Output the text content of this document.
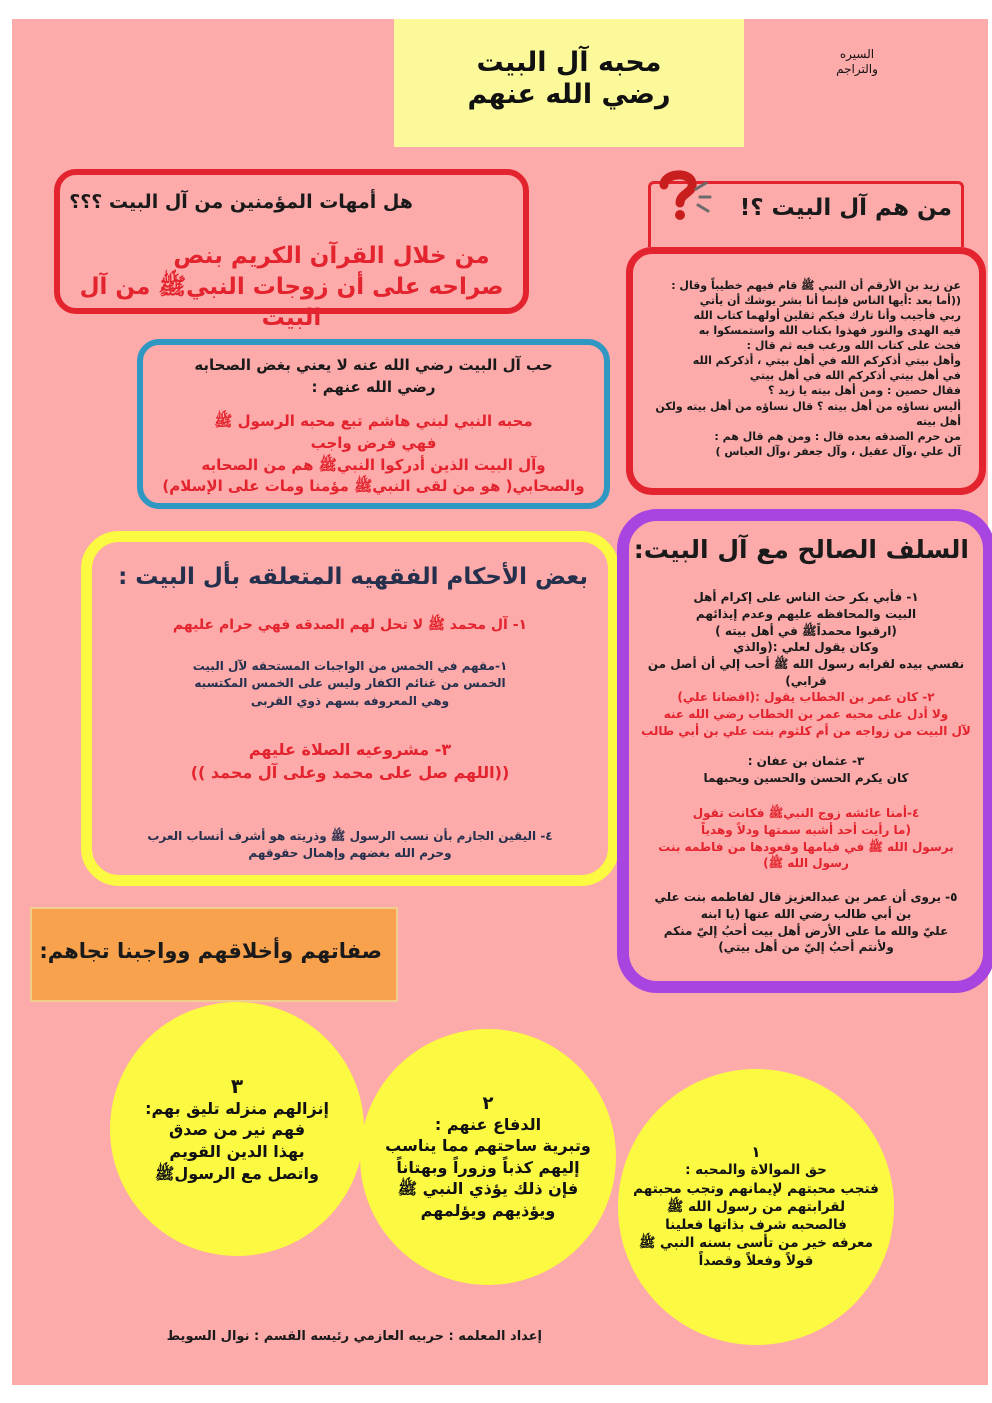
محبه آل البيت
رضي الله عنهم
السيره
والتراجم
هل أمهات المؤمنين من آل البيت ؟؟؟
من خلال القرآن الكريم بنص
صراحه على أن زوجات النبيﷺ من آل البيت
من هم آل البيت ؟!
عن زيد بن الأرقم أن النبي ﷺ قام فيهم خطيباً وقال :
((أما بعد :أيها الناس فإنما أنا بشر يوشك أن يأتي
ربي فأجيب وأنا تارك فيكم ثقلين أولهما كتاب الله
فيه الهدى والنور فهذوا بكتاب الله واستمسكوا به
فحث على كتاب الله ورغب فيه ثم قال :
وأهل بيتي أذكركم الله في أهل بيتي ، أذكركم الله
في أهل بيتي أذكركم الله في أهل بيتي
فقال حصين : ومن أهل بيته يا زيد ؟
أليس نساؤه من أهل بيته ؟ قال نساؤه من أهل بيته ولكن أهل بيته
من حرم الصدقه بعده قال : ومن هم قال هم :
آل علي ،وآل عقيل ، وآل جعفر ،وآل العباس )
حب آل البيت رضي الله عنه لا يعني بغض الصحابه
رضي الله عنهم :
محبه النبي لبني هاشم تبع محبه الرسول ﷺ
فهي فرض واجب
وآل البيت الذين أدركوا النبيﷺ هم من الصحابه
والصحابي( هو من لقى النبيﷺ مؤمنا ومات على الإسلام)
بعض الأحكام الفقهيه المتعلقه بأل البيت :
١- آل محمد ﷺ لا تحل لهم الصدقه فهي حرام عليهم
١-مقهم في الخمس من الواجبات المستحقه لآل البيت
الخمس من غنائم الكفار وليس على الخمس المكتسبه
وهي المعروفه بسهم ذوي القربى
٣- مشروعيه الصلاة عليهم
((اللهم صل على محمد وعلى آل محمد ))
٤- اليقين الجازم بأن نسب الرسول ﷺ وذريته هو أشرف أنساب العرب
وحرم الله بغضهم وإهمال حقوقهم
السلف الصالح مع آل البيت:
١- فأبي بكر حث الناس على إكرام أهل
البيت والمحافظه عليهم وعدم إيذائهم
(ارقبوا محمداًﷺ في أهل بيته )
وكان يقول لعلي :(والذي
نفسي بيده لقرابه رسول الله ﷺ أحب إلي أن أصل من قرابي)
٢- كان عمر بن الخطاب يقول :(اقضانا علي)
ولا أدل على محبه عمر بن الخطاب رضي الله عنه
لآل البيت من زواجه من أم كلثوم بنت علي بن أبي طالب
٣- عثمان بن عفان :
كان يكرم الحسن والحسين ويحبهما
٤-أمنا عائشه زوج النبيﷺ فكانت تقول
(ما رأيت أحد أشبه سمتها ودلاً وهدياً
برسول الله ﷺ في قيامها وقعودها من فاطمه بنت
رسول الله ﷺ)
٥- يروى أن عمر بن عبدالعزيز قال لفاطمه بنت علي
بن أبي طالب رضي الله عنها (يا ابنه
عليّ والله ما على الأرض أهل بيت أحبُ إليّ منكم
ولأنتم أحبُ إليّ من أهل بيتي)
صفاتهم وأخلاقهم وواجبنا تجاهم:
٣
إنزالهم منزله تليق بهم:
فهم نير من صدق
بهذا الدين القويم
واتصل مع الرسولﷺ
٢
الدفاع عنهم :
وتبرية ساحتهم مما يناسب
إليهم كذباً وزوراً وبهتاناً
فإن ذلك يؤذي النبي ﷺ
ويؤذيهم ويؤلمهم
١
حق الموالاة والمحبه :
فتجب محبتهم لإيمانهم وتجب محبتهم
لقرابتهم من رسول الله ﷺ
فالصحبه شرف بذاتها فعلينا
معرفه خير من تأسى بسنه النبي ﷺ
قولاً وفعلاً وقصداً
إعداد المعلمه : حربيه العازمي رئيسه القسم : نوال السويط
